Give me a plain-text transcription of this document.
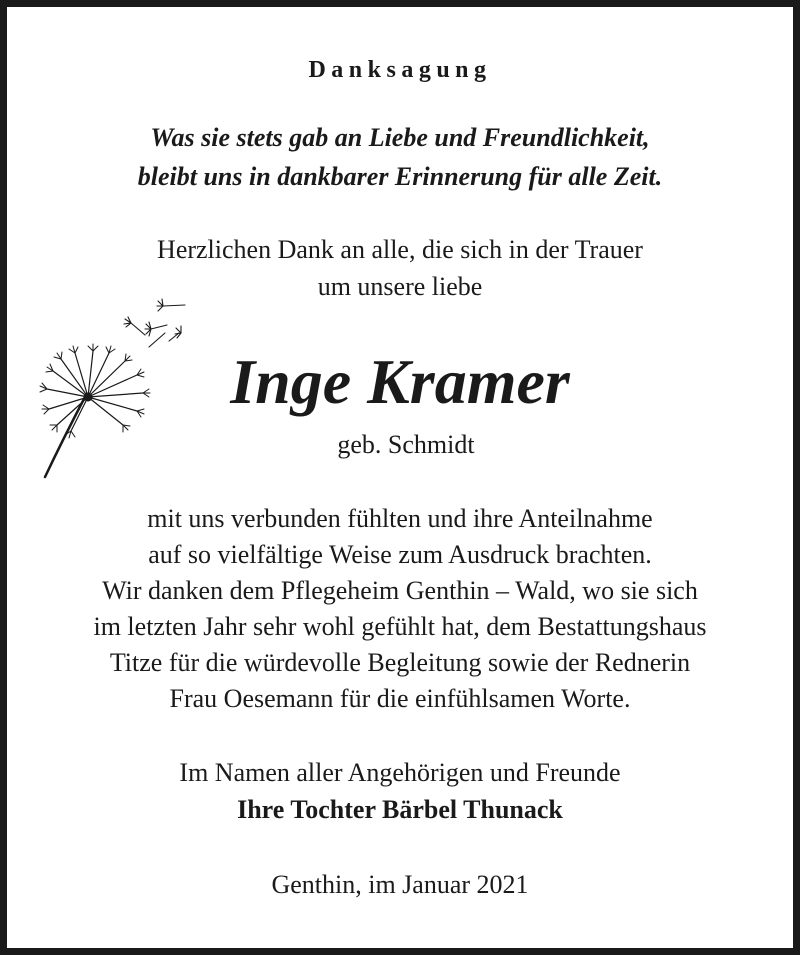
Danksagung
Was sie stets gab an Liebe und Freundlichkeit,
bleibt uns in dankbarer Erinnerung für alle Zeit.
Herzlichen Dank an alle, die sich in der Trauer
um unsere liebe
Inge Kramer
geb. Schmidt
mit uns verbunden fühlten und ihre Anteilnahme
auf so vielfältige Weise zum Ausdruck brachten.
Wir danken dem Pflegeheim Genthin – Wald, wo sie sich
im letzten Jahr sehr wohl gefühlt hat, dem Bestattungshaus
Titze für die würdevolle Begleitung sowie der Rednerin
Frau Oesemann für die einfühlsamen Worte.
Im Namen aller Angehörigen und Freunde
Ihre Tochter Bärbel Thunack
Genthin, im Januar 2021
